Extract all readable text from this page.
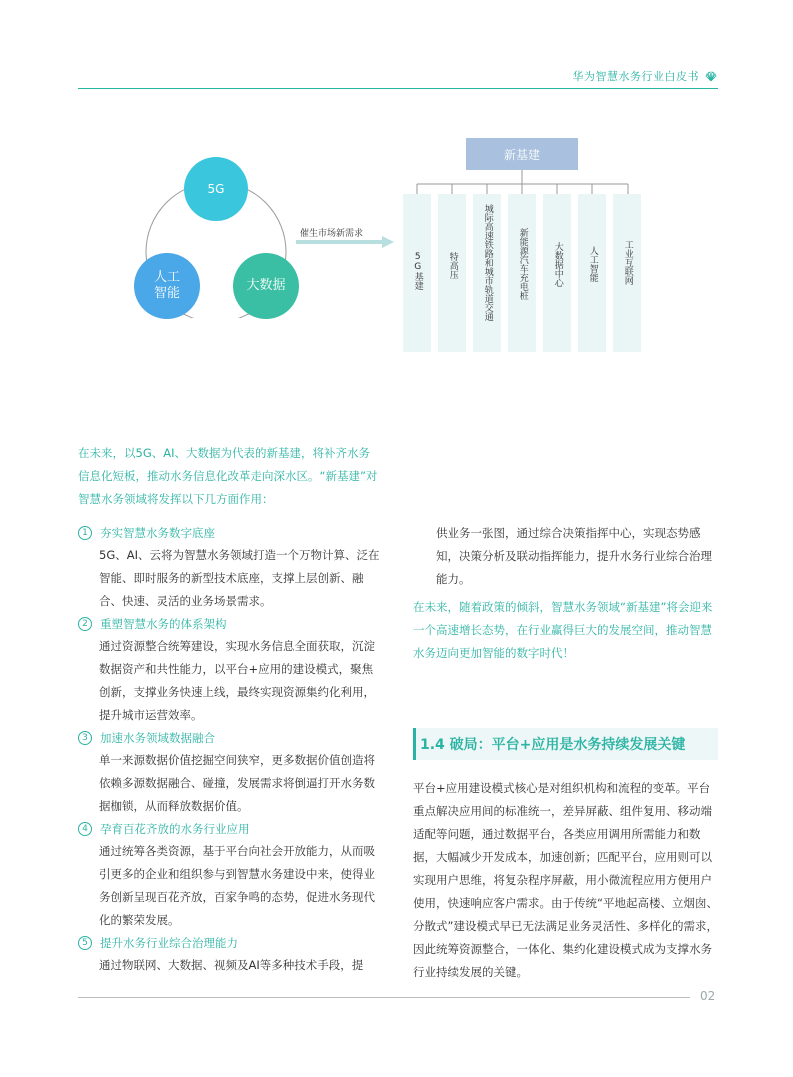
华为智慧水务行业白皮书
5G
人工
智能
大数据
催生市场新需求
新基建
5G基建	特高压	城际高速铁路和城市轨道交通	新能源汽车充电桩	大数据中心	人工智能	工业互联网
在未来，以5G、AI、大数据为代表的新基建，将补齐水务信息化短板，推动水务信息化改革走向深水区。“新基建”对智慧水务领域将发挥以下几方面作用：
1	夯实智慧水务数字底座
5G、AI、云将为智慧水务领域打造一个万物计算、泛在智能、即时服务的新型技术底座，支撑上层创新、融合、快速、灵活的业务场景需求。
2	重塑智慧水务的体系架构
通过资源整合统筹建设，实现水务信息全面获取，沉淀数据资产和共性能力，以平台+应用的建设模式，聚焦创新，支撑业务快速上线，最终实现资源集约化利用，提升城市运营效率。
3	加速水务领域数据融合
单一来源数据价值挖掘空间狭窄，更多数据价值创造将依赖多源数据融合、碰撞，发展需求将倒逼打开水务数据枷锁，从而释放数据价值。
4	孕育百花齐放的水务行业应用
通过统筹各类资源，基于平台向社会开放能力，从而吸引更多的企业和组织参与到智慧水务建设中来，使得业务创新呈现百花齐放，百家争鸣的态势，促进水务现代化的繁荣发展。
5	提升水务行业综合治理能力
通过物联网、大数据、视频及AI等多种技术手段，提
供业务一张图，通过综合决策指挥中心，实现态势感知，决策分析及联动指挥能力，提升水务行业综合治理能力。
在未来，随着政策的倾斜，智慧水务领域“新基建”将会迎来一个高速增长态势，在行业赢得巨大的发展空间，推动智慧水务迈向更加智能的数字时代！
1.4 破局：平台+应用是水务持续发展关键
平台+应用建设模式核心是对组织机构和流程的变革。平台重点解决应用间的标准统一，差异屏蔽、组件复用、移动端适配等问题，通过数据平台，各类应用调用所需能力和数据，大幅减少开发成本，加速创新；匹配平台，应用则可以实现用户思维，将复杂程序屏蔽，用小微流程应用方便用户使用，快速响应客户需求。由于传统“平地起高楼、立烟囱、分散式”建设模式早已无法满足业务灵活性、多样化的需求，因此统筹资源整合，一体化、集约化建设模式成为支撑水务行业持续发展的关键。
02
